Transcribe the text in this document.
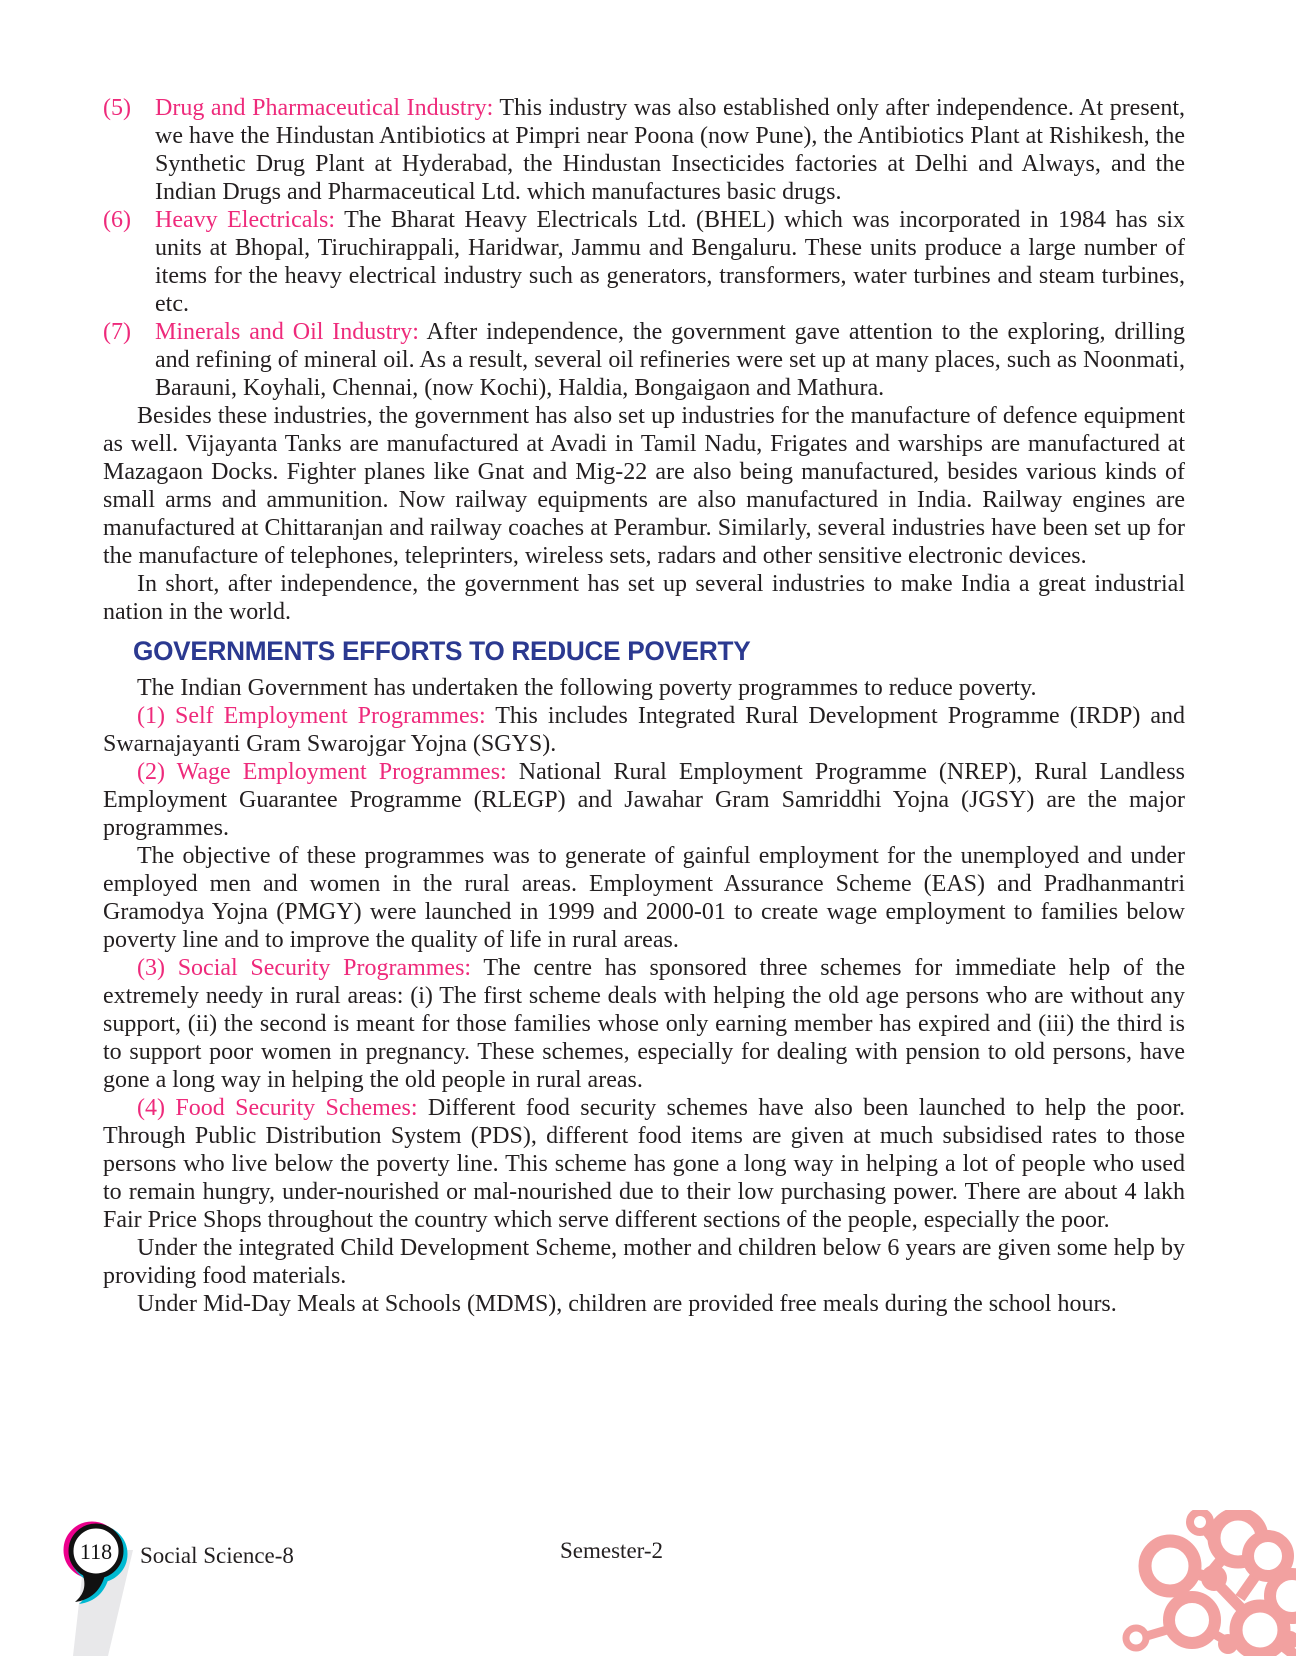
(5) Drug and Pharmaceutical Industry: This industry was also established only after independence. At present, we have the Hindustan Antibiotics at Pimpri near Poona (now Pune), the Antibiotics Plant at Rishikesh, the Synthetic Drug Plant at Hyderabad, the Hindustan Insecticides factories at Delhi and Always, and the Indian Drugs and Pharmaceutical Ltd. which manufactures basic drugs.
(6) Heavy Electricals: The Bharat Heavy Electricals Ltd. (BHEL) which was incorporated in 1984 has six units at Bhopal, Tiruchirappali, Haridwar, Jammu and Bengaluru. These units produce a large number of items for the heavy electrical industry such as generators, transformers, water turbines and steam turbines, etc.
(7) Minerals and Oil Industry: After independence, the government gave attention to the exploring, drilling and refining of mineral oil. As a result, several oil refineries were set up at many places, such as Noonmati, Barauni, Koyhali, Chennai, (now Kochi), Haldia, Bongaigaon and Mathura.

Besides these industries, the government has also set up industries for the manufacture of defence equipment as well. Vijayanta Tanks are manufactured at Avadi in Tamil Nadu, Frigates and warships are manufactured at Mazagaon Docks. Fighter planes like Gnat and Mig-22 are also being manufactured, besides various kinds of small arms and ammunition. Now railway equipments are also manufactured in India. Railway engines are manufactured at Chittaranjan and railway coaches at Perambur. Similarly, several industries have been set up for the manufacture of telephones, teleprinters, wireless sets, radars and other sensitive electronic devices.

In short, after independence, the government has set up several industries to make India a great industrial nation in the world.

GOVERNMENTS EFFORTS TO REDUCE POVERTY

The Indian Government has undertaken the following poverty programmes to reduce poverty.

(1) Self Employment Programmes: This includes Integrated Rural Development Programme (IRDP) and Swarnajayanti Gram Swarojgar Yojna (SGYS).

(2) Wage Employment Programmes: National Rural Employment Programme (NREP), Rural Landless Employment Guarantee Programme (RLEGP) and Jawahar Gram Samriddhi Yojna (JGSY) are the major programmes.

The objective of these programmes was to generate of gainful employment for the unemployed and under employed men and women in the rural areas. Employment Assurance Scheme (EAS) and Pradhanmantri Gramodya Yojna (PMGY) were launched in 1999 and 2000-01 to create wage employment to families below poverty line and to improve the quality of life in rural areas.

(3) Social Security Programmes: The centre has sponsored three schemes for immediate help of the extremely needy in rural areas: (i) The first scheme deals with helping the old age persons who are without any support, (ii) the second is meant for those families whose only earning member has expired and (iii) the third is to support poor women in pregnancy. These schemes, especially for dealing with pension to old persons, have gone a long way in helping the old people in rural areas.

(4) Food Security Schemes: Different food security schemes have also been launched to help the poor. Through Public Distribution System (PDS), different food items are given at much subsidised rates to those persons who live below the poverty line. This scheme has gone a long way in helping a lot of people who used to remain hungry, under-nourished or mal-nourished due to their low purchasing power. There are about 4 lakh Fair Price Shops throughout the country which serve different sections of the people, especially the poor.

Under the integrated Child Development Scheme, mother and children below 6 years are given some help by providing food materials.

Under Mid-Day Meals at Schools (MDMS), children are provided free meals during the school hours.

118 Social Science-8	Semester-2
